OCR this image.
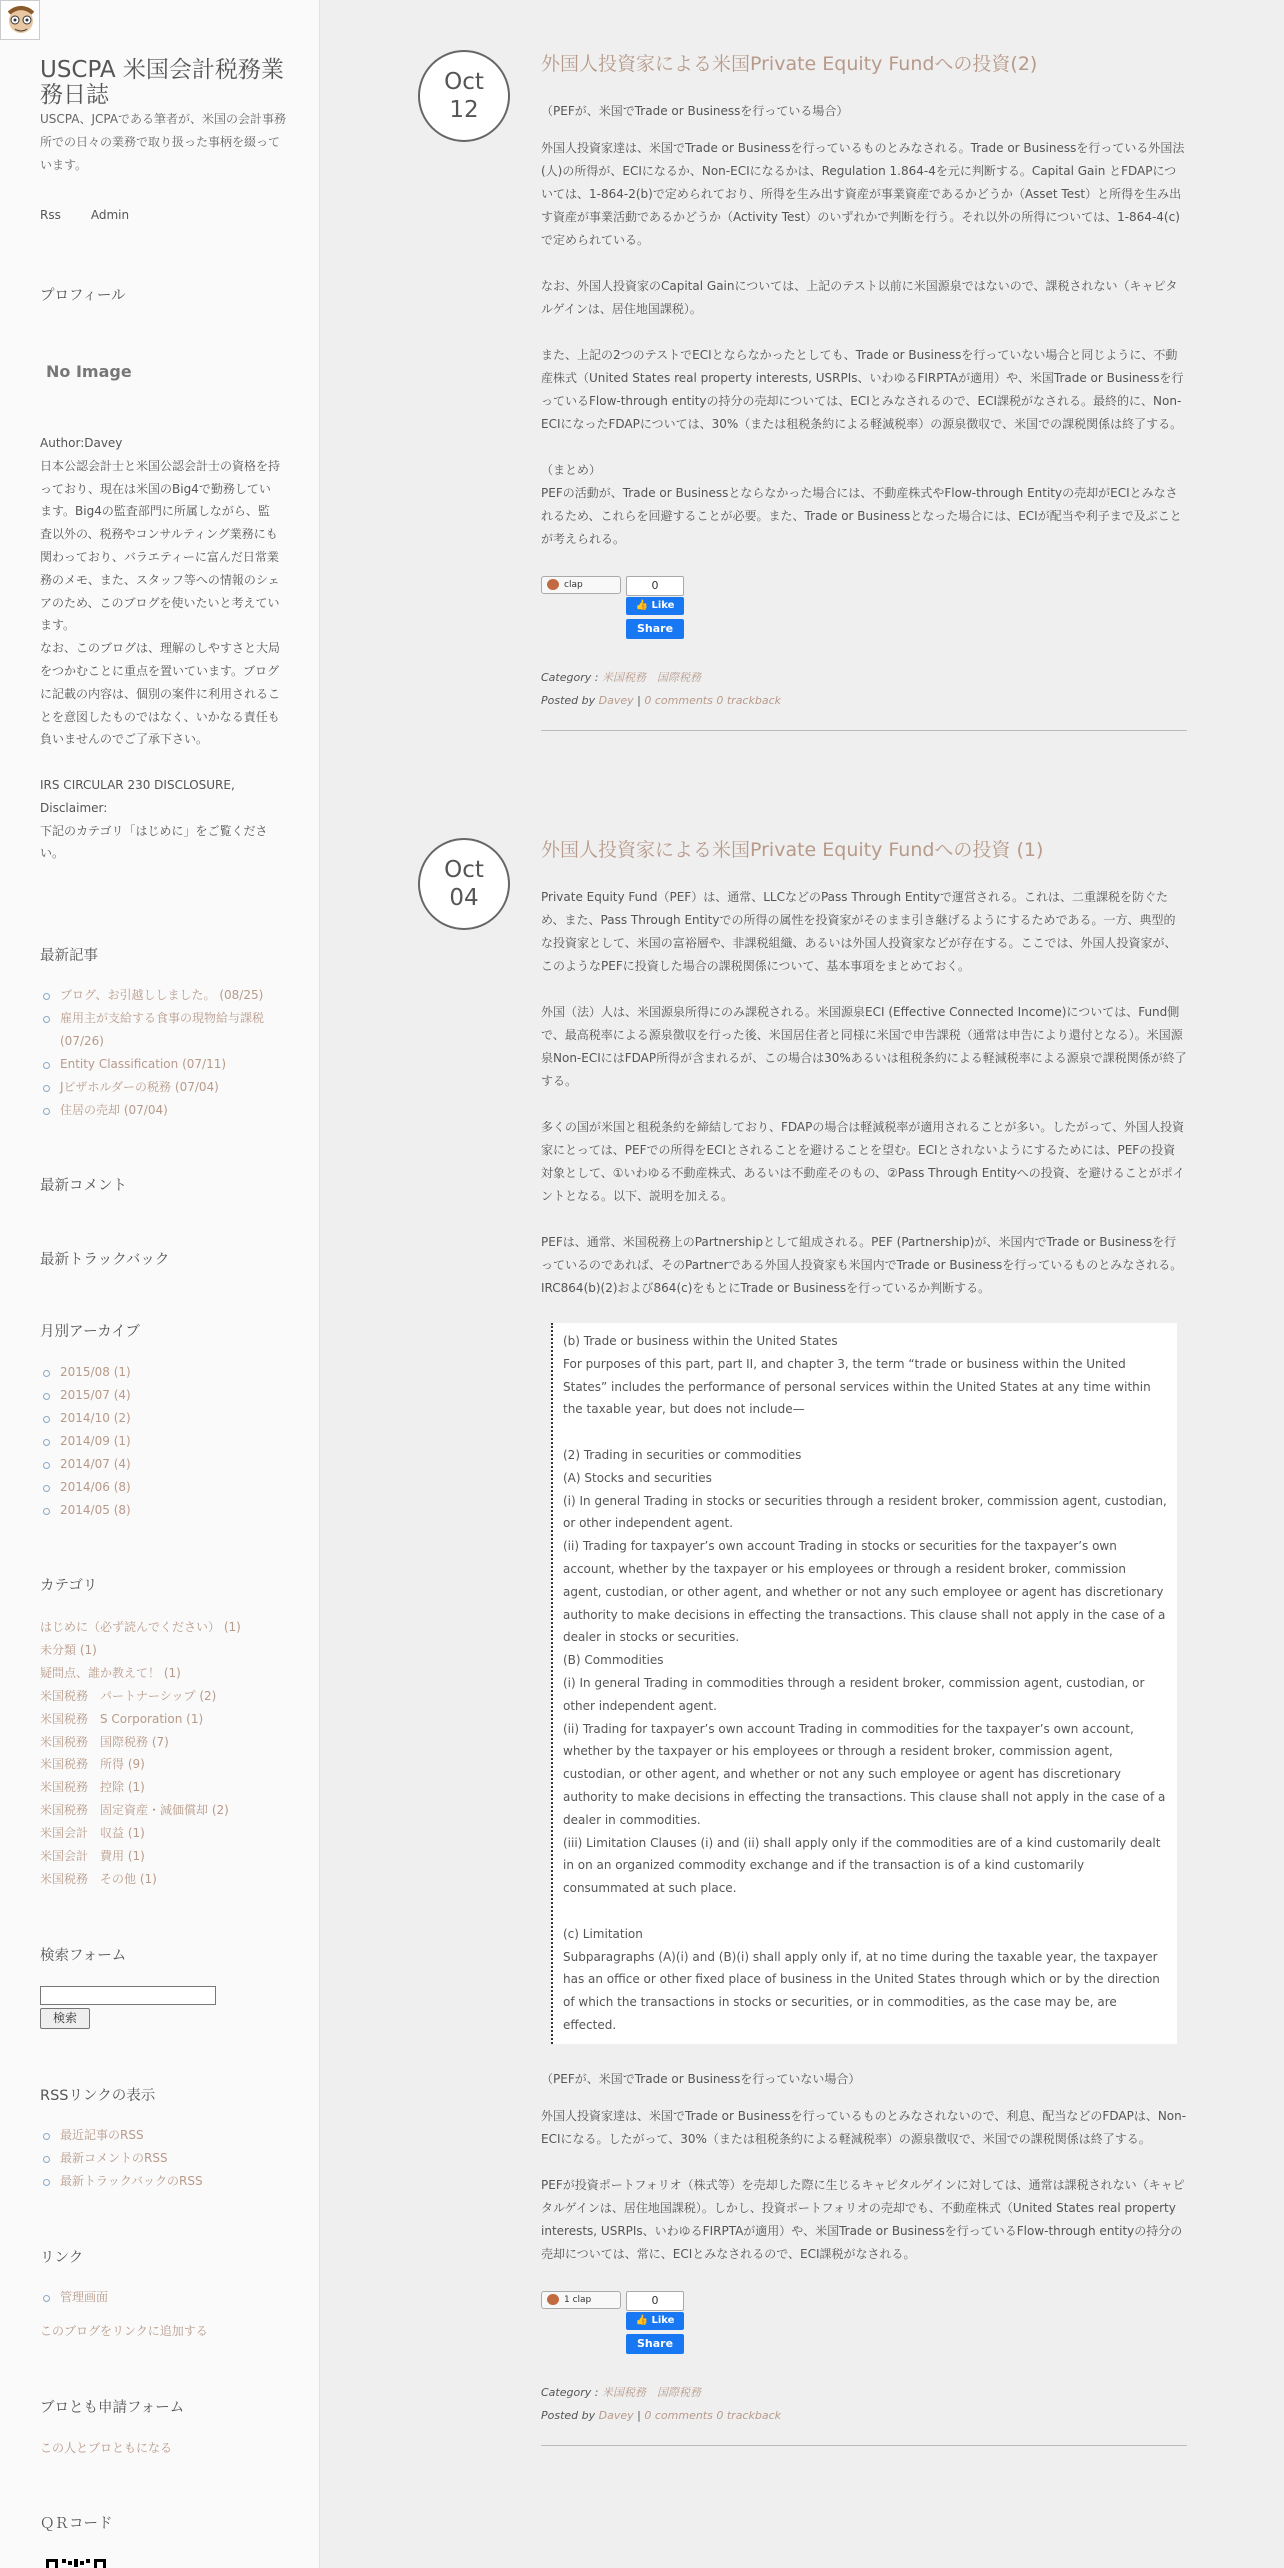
USCPA 米国会計税務業務日誌
USCPA、JCPAである筆者が、米国の会計事務所での日々の業務で取り扱った事柄を綴っています。
Rss	Admin
プロフィール
No Image
Author:Davey
日本公認会計士と米国公認会計士の資格を持っており、現在は米国のBig4で勤務しています。Big4の監査部門に所属しながら、監査以外の、税務やコンサルティング業務にも関わっており、バラエティーに富んだ日常業務のメモ、また、スタッフ等への情報のシェアのため、このブログを使いたいと考えています。
なお、このブログは、理解のしやすさと大局をつかむことに重点を置いています。ブログに記載の内容は、個別の案件に利用されることを意図したものではなく、いかなる責任も負いませんのでご了承下さい。

IRS CIRCULAR 230 DISCLOSURE, Disclaimer:
下記のカテゴリ「はじめに」をご覧ください。
最新記事
ブログ、お引越ししました。 (08/25)
雇用主が支給する食事の現物給与課税 (07/26)
Entity Classification (07/11)
Jビザホルダーの税務 (07/04)
住居の売却 (07/04)
最新コメント
最新トラックバック
月別アーカイブ
2015/08 (1)
2015/07 (4)
2014/10 (2)
2014/09 (1)
2014/07 (4)
2014/06 (8)
2014/05 (8)
カテゴリ
はじめに（必ず読んでください） (1)
未分類 (1)
疑問点、誰か教えて！ (1)
米国税務　パートナーシップ (2)
米国税務　S Corporation (1)
米国税務　国際税務 (7)
米国税務　所得 (9)
米国税務　控除 (1)
米国税務　固定資産・減価償却 (2)
米国会計　収益 (1)
米国会計　費用 (1)
米国税務　その他 (1)
検索フォーム
検索
RSSリンクの表示
最近記事のRSS
最新コメントのRSS
最新トラックバックのRSS
リンク
管理画面
このブログをリンクに追加する
ブロとも申請フォーム
この人とブロともになる
ＱＲコード
Oct
12
外国人投資家による米国Private Equity Fundへの投資(2)
（PEFが、米国でTrade or Businessを行っている場合）
外国人投資家達は、米国でTrade or Businessを行っているものとみなされる。Trade or Businessを行っている外国法(人)の所得が、ECIになるか、Non-ECIになるかは、Regulation 1.864-4を元に判断する。Capital Gain とFDAPについては、1-864-2(b)で定められており、所得を生み出す資産が事業資産であるかどうか（Asset Test）と所得を生み出す資産が事業活動であるかどうか（Activity Test）のいずれかで判断を行う。それ以外の所得については、1-864-4(c)で定められている。
なお、外国人投資家のCapital Gainについては、上記のテスト以前に米国源泉ではないので、課税されない（キャピタルゲインは、居住地国課税）。
また、上記の2つのテストでECIとならなかったとしても、Trade or Businessを行っていない場合と同じように、不動産株式（United States real property interests, USRPIs、いわゆるFIRPTAが適用）や、米国Trade or Businessを行っているFlow-through entityの持分の売却については、ECIとみなされるので、ECI課税がなされる。最終的に、Non-ECIになったFDAPについては、30%（または租税条約による軽減税率）の源泉徴収で、米国での課税関係は終了する。
（まとめ）
PEFの活動が、Trade or Businessとならなかった場合には、不動産株式やFlow-through Entityの売却がECIとみなされるため、これらを回避することが必要。また、Trade or Businessとなった場合には、ECIが配当や利子まで及ぶことが考えられる。
clap	0
👍 Like
Share
Category : 米国税務　 国際税務
Posted by Davey | 0 comments 0 trackback
Oct
04
外国人投資家による米国Private Equity Fundへの投資 (1)
Private Equity Fund（PEF）は、通常、LLCなどのPass Through Entityで運営される。これは、二重課税を防ぐため、また、Pass Through Entityでの所得の属性を投資家がそのまま引き継げるようにするためである。一方、典型的な投資家として、米国の富裕層や、非課税組織、あるいは外国人投資家などが存在する。ここでは、外国人投資家が、このようなPEFに投資した場合の課税関係について、基本事項をまとめておく。
外国（法）人は、米国源泉所得にのみ課税される。米国源泉ECI (Effective Connected Income)については、Fund側で、最高税率による源泉徴収を行った後、米国居住者と同様に米国で申告課税（通常は申告により還付となる）。米国源泉Non-ECIにはFDAP所得が含まれるが、この場合は30%あるいは租税条約による軽減税率による源泉で課税関係が終了する。
多くの国が米国と租税条約を締結しており、FDAPの場合は軽減税率が適用されることが多い。したがって、外国人投資家にとっては、PEFでの所得をECIとされることを避けることを望む。ECIとされないようにするためには、PEFの投資対象として、①いわゆる不動産株式、あるいは不動産そのもの、②Pass Through Entityへの投資、を避けることがポイントとなる。以下、説明を加える。
PEFは、通常、米国税務上のPartnershipとして組成される。PEF (Partnership)が、米国内でTrade or Businessを行っているのであれば、そのPartnerである外国人投資家も米国内でTrade or Businessを行っているものとみなされる。IRC864(b)(2)および864(c)をもとにTrade or Businessを行っているか判断する。
(b) Trade or business within the United States
For purposes of this part, part II, and chapter 3, the term “trade or business within the United States” includes the performance of personal services within the United States at any time within the taxable year, but does not include—

(2) Trading in securities or commodities
(A) Stocks and securities
(i) In general Trading in stocks or securities through a resident broker, commission agent, custodian, or other independent agent.
(ii) Trading for taxpayer’s own account Trading in stocks or securities for the taxpayer’s own account, whether by the taxpayer or his employees or through a resident broker, commission agent, custodian, or other agent, and whether or not any such employee or agent has discretionary authority to make decisions in effecting the transactions. This clause shall not apply in the case of a dealer in stocks or securities.
(B) Commodities
(i) In general Trading in commodities through a resident broker, commission agent, custodian, or other independent agent.
(ii) Trading for taxpayer’s own account Trading in commodities for the taxpayer’s own account, whether by the taxpayer or his employees or through a resident broker, commission agent, custodian, or other agent, and whether or not any such employee or agent has discretionary authority to make decisions in effecting the transactions. This clause shall not apply in the case of a dealer in commodities.
(iii) Limitation Clauses (i) and (ii) shall apply only if the commodities are of a kind customarily dealt in on an organized commodity exchange and if the transaction is of a kind customarily consummated at such place.

(c) Limitation
Subparagraphs (A)(i) and (B)(i) shall apply only if, at no time during the taxable year, the taxpayer has an office or other fixed place of business in the United States through which or by the direction of which the transactions in stocks or securities, or in commodities, as the case may be, are effected.
（PEFが、米国でTrade or Businessを行っていない場合）
外国人投資家達は、米国でTrade or Businessを行っているものとみなされないので、利息、配当などのFDAPは、Non-ECIになる。したがって、30%（または租税条約による軽減税率）の源泉徴収で、米国での課税関係は終了する。
PEFが投資ポートフォリオ（株式等）を売却した際に生じるキャピタルゲインに対しては、通常は課税されない（キャピタルゲインは、居住地国課税）。しかし、投資ポートフォリオの売却でも、不動産株式（United States real property interests, USRPIs、いわゆるFIRPTAが適用）や、米国Trade or Businessを行っているFlow-through entityの持分の売却については、常に、ECIとみなされるので、ECI課税がなされる。
1 clap	0
👍 Like
Share
Category : 米国税務　 国際税務
Posted by Davey | 0 comments 0 trackback
